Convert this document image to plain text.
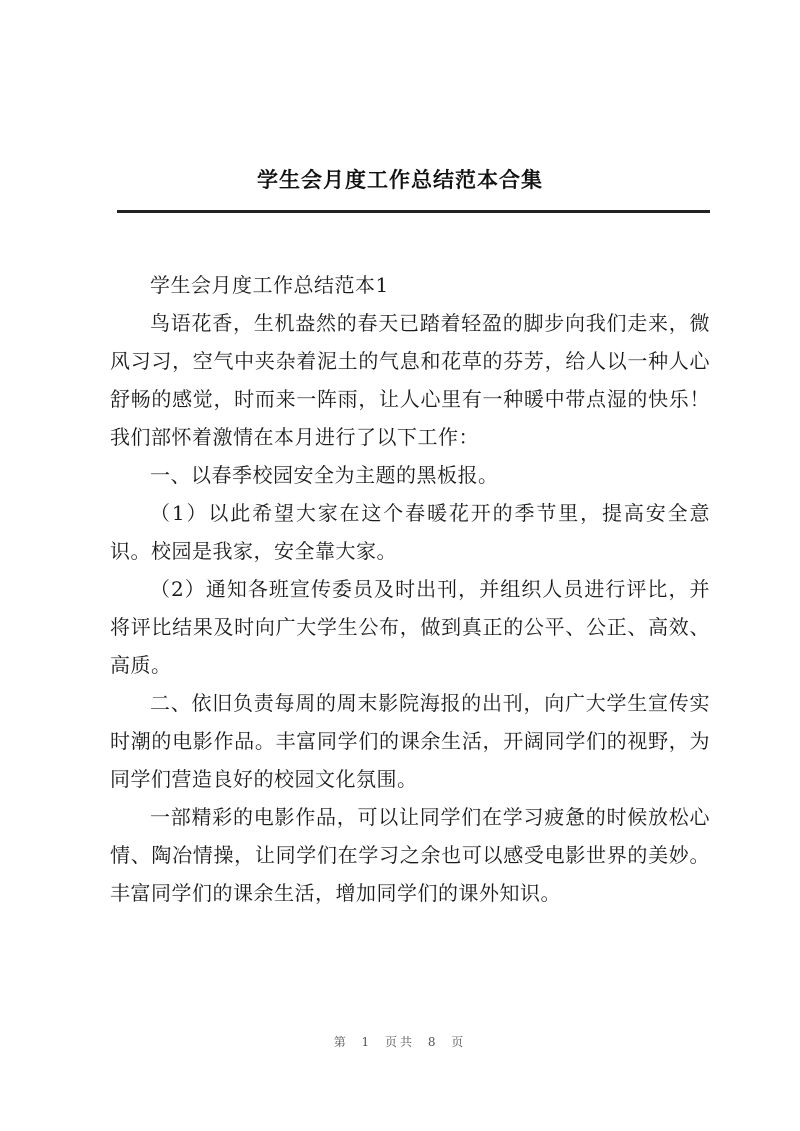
学生会月度工作总结范本合集

学生会月度工作总结范本1

鸟语花香，生机盎然的春天已踏着轻盈的脚步向我们走来，微风习习，空气中夹杂着泥土的气息和花草的芬芳，给人以一种人心舒畅的感觉，时而来一阵雨，让人心里有一种暖中带点湿的快乐！我们部怀着激情在本月进行了以下工作：

一、以春季校园安全为主题的黑板报。

（1）以此希望大家在这个春暖花开的季节里，提高安全意识。校园是我家，安全靠大家。

（2）通知各班宣传委员及时出刊，并组织人员进行评比，并将评比结果及时向广大学生公布，做到真正的公平、公正、高效、高质。

二、依旧负责每周的周末影院海报的出刊，向广大学生宣传实时潮的电影作品。丰富同学们的课余生活，开阔同学们的视野，为同学们营造良好的校园文化氛围。

一部精彩的电影作品，可以让同学们在学习疲惫的时候放松心情、陶冶情操，让同学们在学习之余也可以感受电影世界的美妙。丰富同学们的课余生活，增加同学们的课外知识。

第 1 页共 8 页
